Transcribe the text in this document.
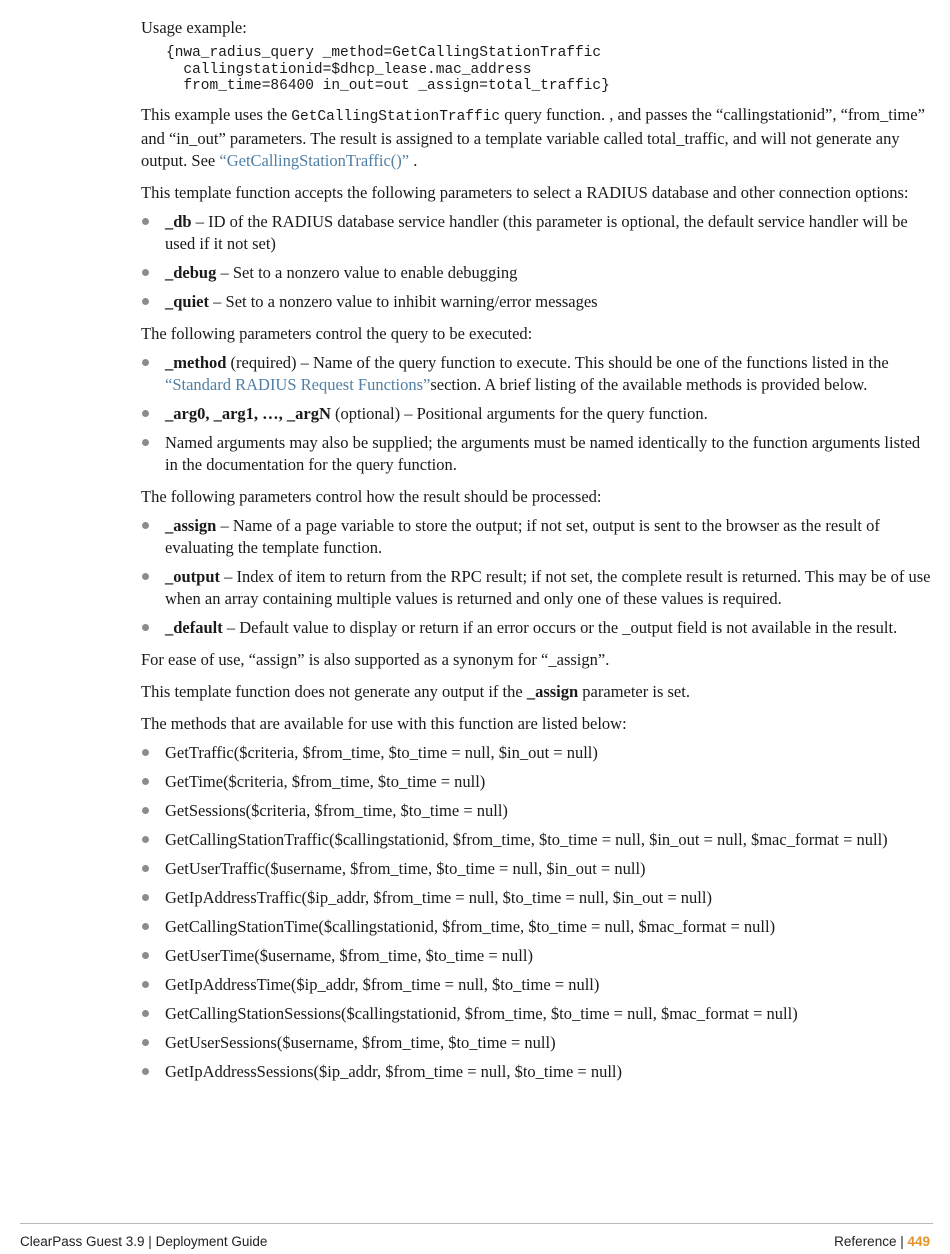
Usage example:

{nwa_radius_query _method=GetCallingStationTraffic
callingstationid=$dhcp_lease.mac_address
from_time=86400 in_out=out _assign=total_traffic}

This example uses the GetCallingStationTraffic query function. , and passes the “callingstationid”, “from_time” and “in_out” parameters. The result is assigned to a template variable called total_traffic, and will not generate any output. See “GetCallingStationTraffic()” .

This template function accepts the following parameters to select a RADIUS database and other connection options:

_db – ID of the RADIUS database service handler (this parameter is optional, the default service handler will be used if it not set)
_debug – Set to a nonzero value to enable debugging
_quiet – Set to a nonzero value to inhibit warning/error messages

The following parameters control the query to be executed:

_method (required) – Name of the query function to execute. This should be one of the functions listed in the “Standard RADIUS Request Functions”section. A brief listing of the available methods is provided below.
_arg0, _arg1, …, _argN (optional) – Positional arguments for the query function.
Named arguments may also be supplied; the arguments must be named identically to the function arguments listed in the documentation for the query function.

The following parameters control how the result should be processed:

_assign – Name of a page variable to store the output; if not set, output is sent to the browser as the result of evaluating the template function.
_output – Index of item to return from the RPC result; if not set, the complete result is returned. This may be of use when an array containing multiple values is returned and only one of these values is required.
_default – Default value to display or return if an error occurs or the _output field is not available in the result.

For ease of use, “assign” is also supported as a synonym for “_assign”.

This template function does not generate any output if the _assign parameter is set.

The methods that are available for use with this function are listed below:

GetTraffic($criteria, $from_time, $to_time = null, $in_out = null)
GetTime($criteria, $from_time, $to_time = null)
GetSessions($criteria, $from_time, $to_time = null)
GetCallingStationTraffic($callingstationid, $from_time, $to_time = null, $in_out = null, $mac_format = null)
GetUserTraffic($username, $from_time, $to_time = null, $in_out = null)
GetIpAddressTraffic($ip_addr, $from_time = null, $to_time = null, $in_out = null)
GetCallingStationTime($callingstationid, $from_time, $to_time = null, $mac_format = null)
GetUserTime($username, $from_time, $to_time = null)
GetIpAddressTime($ip_addr, $from_time = null, $to_time = null)
GetCallingStationSessions($callingstationid, $from_time, $to_time = null, $mac_format = null)
GetUserSessions($username, $from_time, $to_time = null)
GetIpAddressSessions($ip_addr, $from_time = null, $to_time = null)
ClearPass Guest 3.9 | Deployment Guide	Reference | 449
